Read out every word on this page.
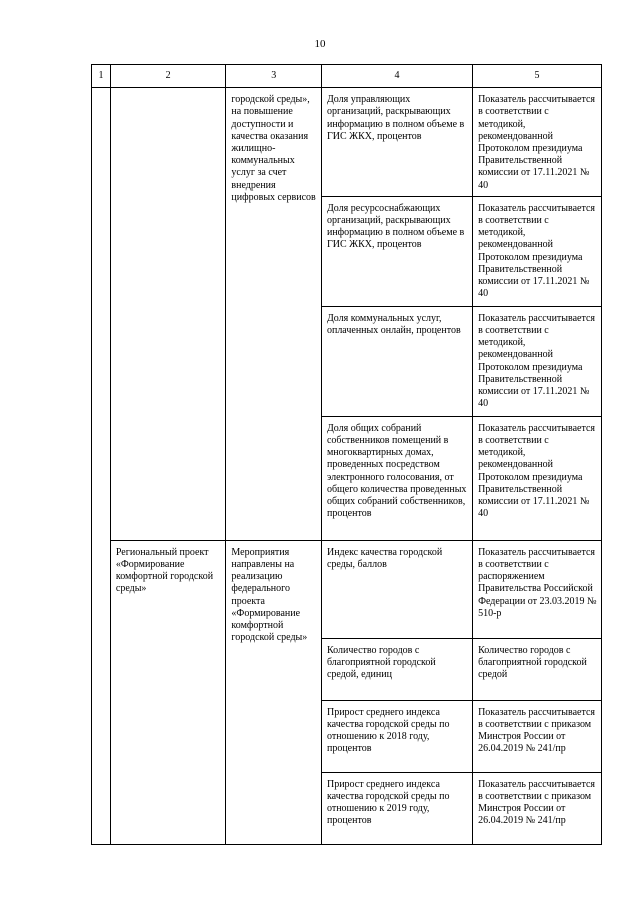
10
1	2	3	4	5
		городской среды», на повышение доступности и качества оказания жилищно-коммунальных услуг за счет внедрения цифровых сервисов	Доля управляющих организаций, раскрывающих информацию в полном объеме в ГИС ЖКХ, процентов	Показатель рассчитывается в соответствии с методикой, рекомендованной Протоколом президиума Правительственной комиссии от 17.11.2021 № 40
			Доля ресурсоснабжающих организаций, раскрывающих информацию в полном объеме в ГИС ЖКХ, процентов	Показатель рассчитывается в соответствии с методикой, рекомендованной Протоколом президиума Правительственной комиссии от 17.11.2021 № 40
			Доля коммунальных услуг, оплаченных онлайн, процентов	Показатель рассчитывается в соответствии с методикой, рекомендованной Протоколом президиума Правительственной комиссии от 17.11.2021 № 40
			Доля общих собраний собственников помещений в многоквартирных домах, проведенных посредством электронного голосования, от общего количества проведенных общих собраний собственников, процентов	Показатель рассчитывается в соответствии с методикой, рекомендованной Протоколом президиума Правительственной комиссии от 17.11.2021 № 40
	Региональный проект «Формирование комфортной городской среды»	Мероприятия направлены на реализацию федерального проекта «Формирование комфортной городской среды»	Индекс качества городской среды, баллов	Показатель рассчитывается в соответствии с распоряжением Правительства Российской Федерации от 23.03.2019 № 510-р
			Количество городов с благоприятной городской средой, единиц	Количество городов с благоприятной городской средой
			Прирост среднего индекса качества городской среды по отношению к 2018 году, процентов	Показатель рассчитывается в соответствии с приказом Минстроя России от 26.04.2019 № 241/пр
			Прирост среднего индекса качества городской среды по отношению к 2019 году, процентов	Показатель рассчитывается в соответствии с приказом Минстроя России от 26.04.2019 № 241/пр
